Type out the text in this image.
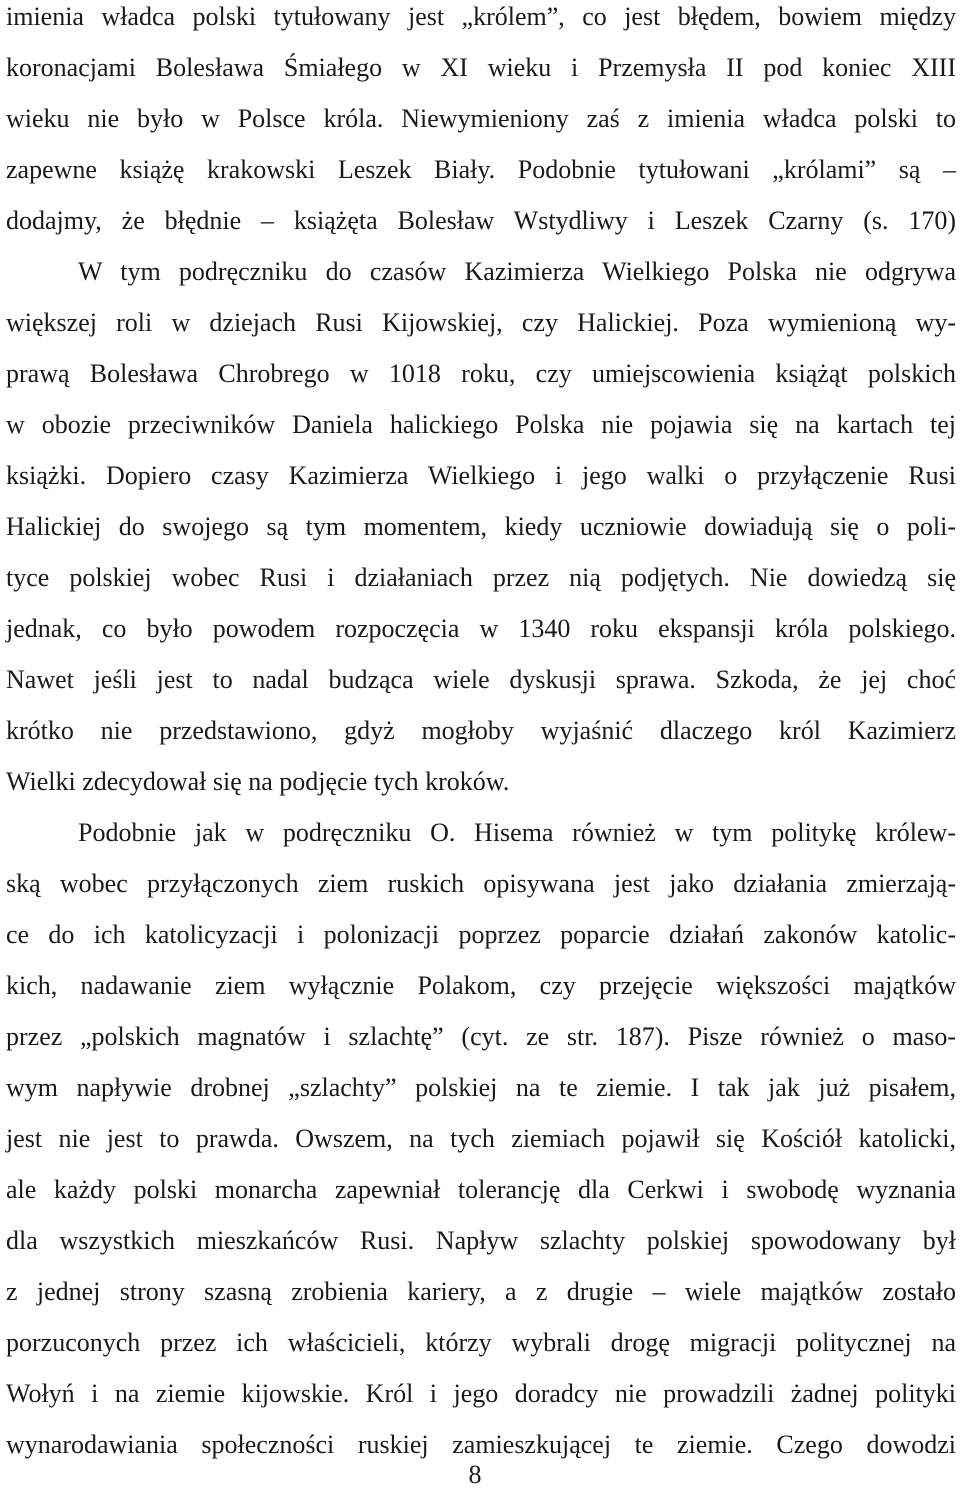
imienia władca polski tytułowany jest „królem”, co jest błędem, bowiem między
koronacjami Bolesława Śmiałego w XI wieku i Przemysła II pod koniec XIII
wieku nie było w Polsce króla. Niewymieniony zaś z imienia władca polski to
zapewne książę krakowski Leszek Biały. Podobnie tytułowani „królami” są –
dodajmy, że błędnie – książęta Bolesław Wstydliwy i Leszek Czarny (s. 170)
W tym podręczniku do czasów Kazimierza Wielkiego Polska nie odgrywa
większej roli w dziejach Rusi Kijowskiej, czy Halickiej. Poza wymienioną wy-
prawą Bolesława Chrobrego w 1018 roku, czy umiejscowienia książąt polskich
w obozie przeciwników Daniela halickiego Polska nie pojawia się na kartach tej
książki. Dopiero czasy Kazimierza Wielkiego i jego walki o przyłączenie Rusi
Halickiej do swojego są tym momentem, kiedy uczniowie dowiadują się o poli-
tyce polskiej wobec Rusi i działaniach przez nią podjętych. Nie dowiedzą się
jednak, co było powodem rozpoczęcia w 1340 roku ekspansji króla polskiego.
Nawet jeśli jest to nadal budząca wiele dyskusji sprawa. Szkoda, że jej choć
krótko nie przedstawiono, gdyż mogłoby wyjaśnić dlaczego król Kazimierz
Wielki zdecydował się na podjęcie tych kroków.
Podobnie jak w podręczniku O. Hisema również w tym politykę królew-
ską wobec przyłączonych ziem ruskich opisywana jest jako działania zmierzają-
ce do ich katolicyzacji i polonizacji poprzez poparcie działań zakonów katolic-
kich, nadawanie ziem wyłącznie Polakom, czy przejęcie większości majątków
przez „polskich magnatów i szlachtę” (cyt. ze str. 187). Pisze również o maso-
wym napływie drobnej „szlachty” polskiej na te ziemie. I tak jak już pisałem,
jest nie jest to prawda. Owszem, na tych ziemiach pojawił się Kościół katolicki,
ale każdy polski monarcha zapewniał tolerancję dla Cerkwi i swobodę wyznania
dla wszystkich mieszkańców Rusi. Napływ szlachty polskiej spowodowany był
z jednej strony szasną zrobienia kariery, a z drugie – wiele majątków zostało
porzuconych przez ich właścicieli, którzy wybrali drogę migracji politycznej na
Wołyń i na ziemie kijowskie. Król i jego doradcy nie prowadzili żadnej polityki
wynarodawiania społeczności ruskiej zamieszkującej te ziemie. Czego dowodzi
8
